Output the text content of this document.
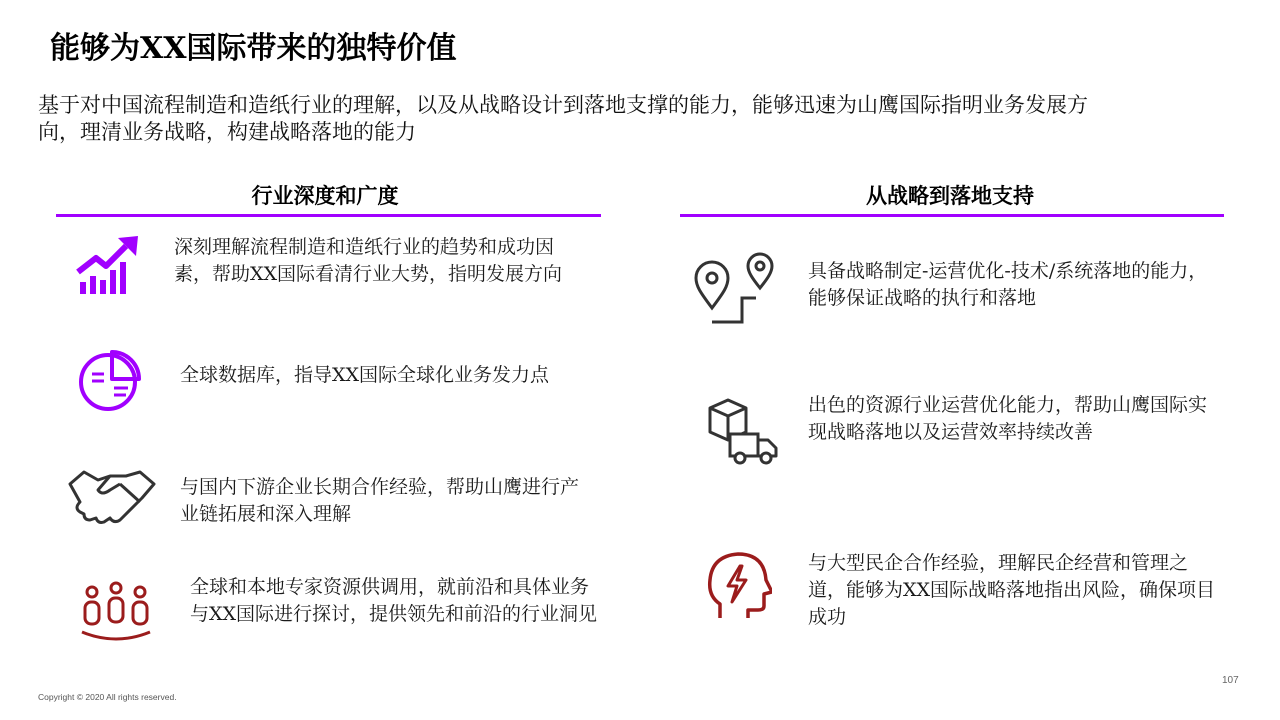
能够为XX国际带来的独特价值
基于对中国流程制造和造纸行业的理解，以及从战略设计到落地支撑的能力，能够迅速为山鹰国际指明业务发展方向，理清业务战略，构建战略落地的能力
行业深度和广度
深刻理解流程制造和造纸行业的趋势和成功因素，帮助XX国际看清行业大势，指明发展方向
全球数据库，指导XX国际全球化业务发力点
与国内下游企业长期合作经验，帮助山鹰进行产业链拓展和深入理解
全球和本地专家资源供调用，就前沿和具体业务与XX国际进行探讨，提供领先和前沿的行业洞见
从战略到落地支持
具备战略制定-运营优化-技术/系统落地的能力，能够保证战略的执行和落地
出色的资源行业运营优化能力，帮助山鹰国际实现战略落地以及运营效率持续改善
与大型民企合作经验，理解民企经营和管理之道，能够为XX国际战略落地指出风险，确保项目成功
Copyright © 2020 All rights reserved.
107
